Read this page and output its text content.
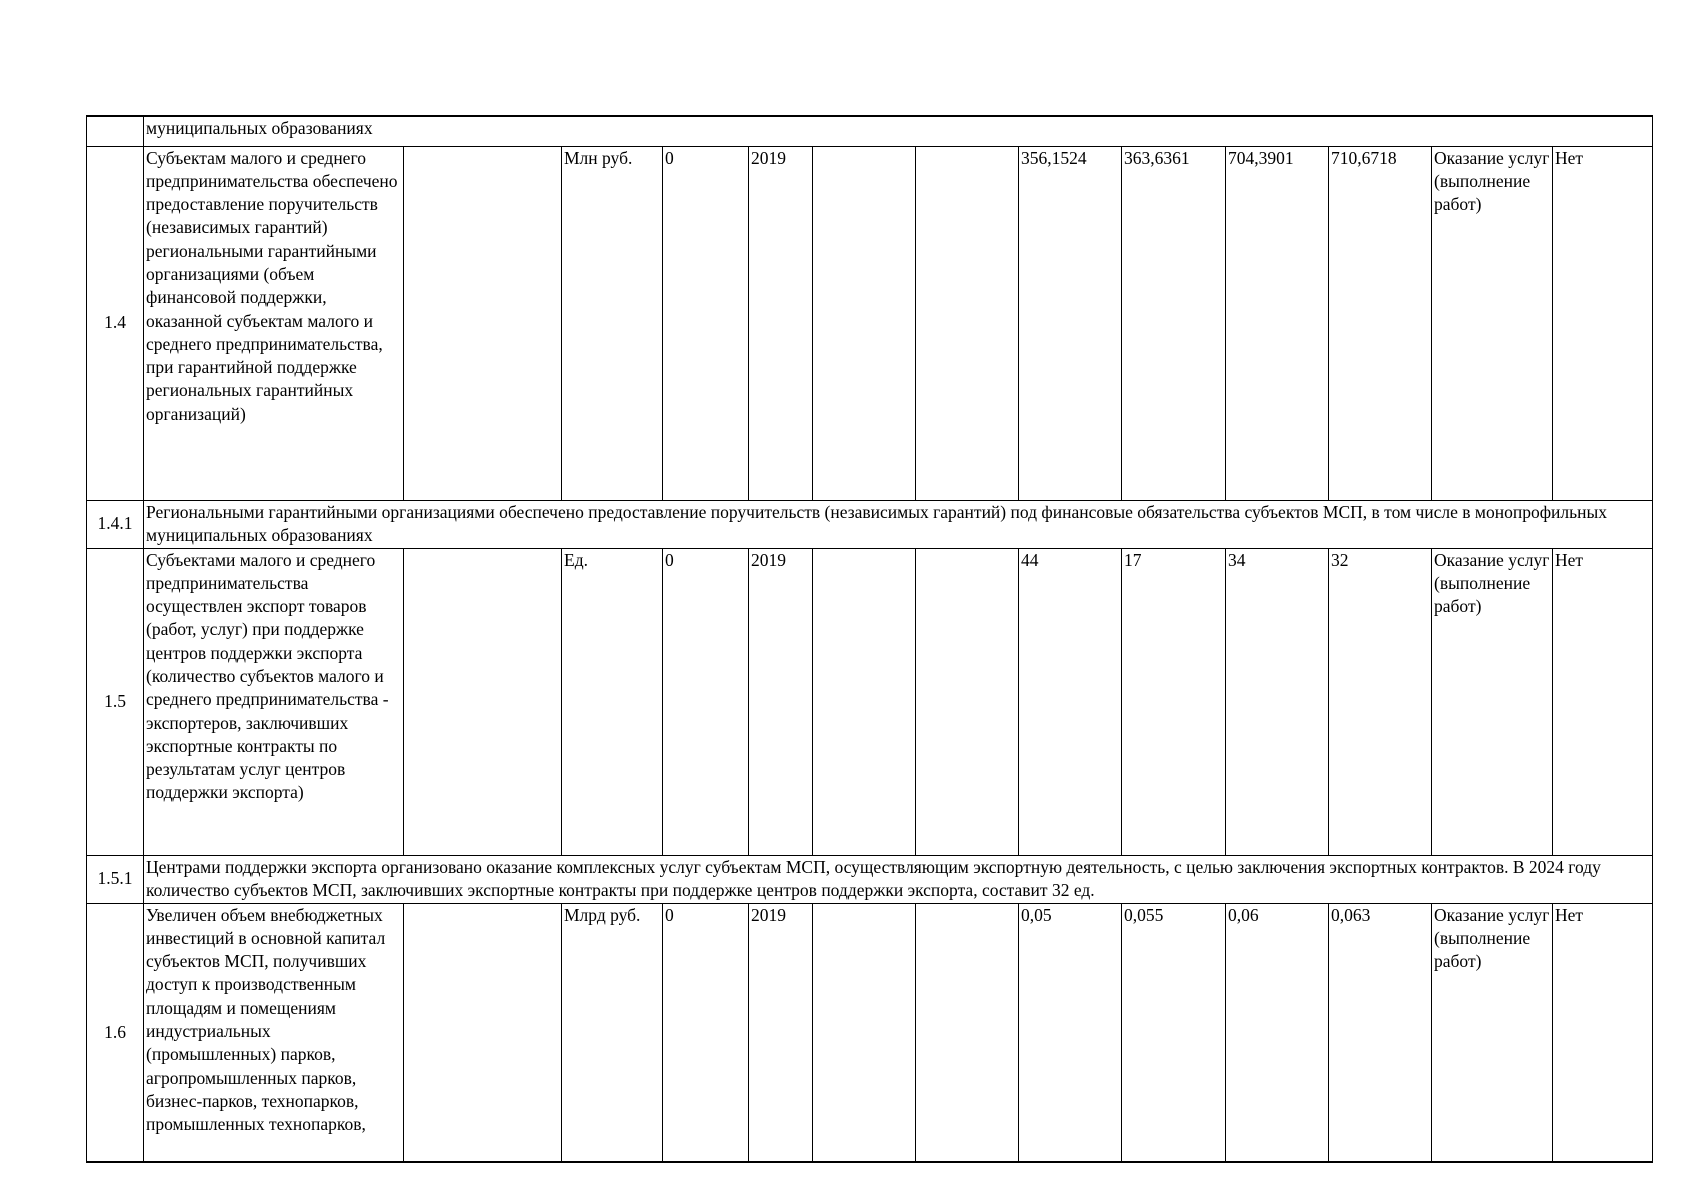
	муниципальных образованиях												
1.4	Субъектам малого и среднего предпринимательства обеспечено предоставление поручительств (независимых гарантий) региональными гарантийными организациями (объем финансовой поддержки, оказанной субъектам малого и среднего предпринимательства, при гарантийной поддержке региональных гарантийных организаций)		Млн руб.	0	2019			356,1524	363,6361	704,3901	710,6718	Оказание услуг (выполнение работ)	Нет
1.4.1	Региональными гарантийными организациями обеспечено предоставление поручительств (независимых гарантий) под финансовые обязательства субъектов МСП, в том числе в монопрофильных муниципальных образованиях												
1.5	Субъектами малого и среднего предпринимательства осуществлен экспорт товаров (работ, услуг) при поддержке центров поддержки экспорта (количество субъектов малого и среднего предпринимательства - экспортеров, заключивших экспортные контракты по результатам услуг центров поддержки экспорта)		Ед.	0	2019			44	17	34	32	Оказание услуг (выполнение работ)	Нет
1.5.1	Центрами поддержки экспорта организовано оказание комплексных услуг субъектам МСП, осуществляющим экспортную деятельность, с целью заключения экспортных контрактов. В 2024 году количество субъектов МСП, заключивших экспортные контракты при поддержке центров поддержки экспорта, составит 32 ед.												
1.6	Увеличен объем внебюджетных инвестиций в основной капитал субъектов МСП, получивших доступ к производственным площадям и помещениям индустриальных (промышленных) парков, агропромышленных парков, бизнес-парков, технопарков, промышленных технопарков,		Млрд руб.	0	2019			0,05	0,055	0,06	0,063	Оказание услуг (выполнение работ)	Нет
